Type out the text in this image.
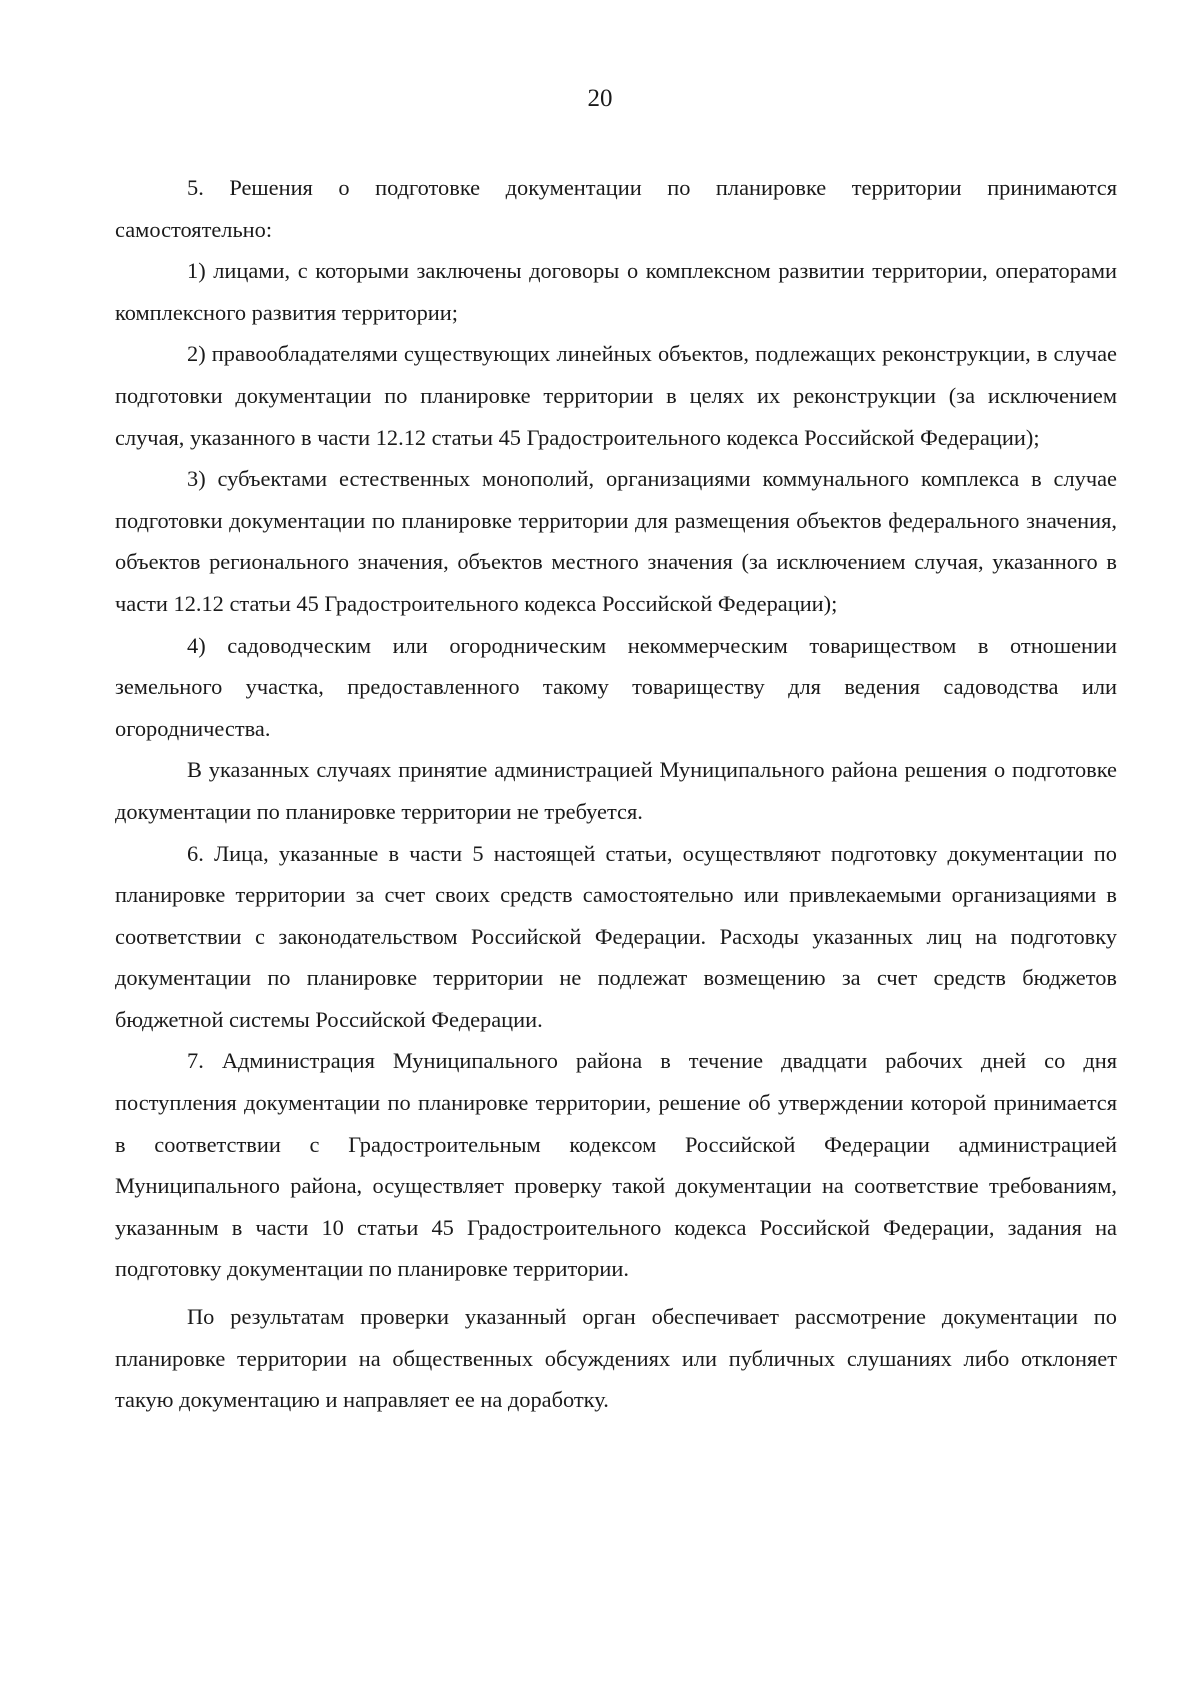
20

5. Решения о подготовке документации по планировке территории принимаются самостоятельно:

1) лицами, с которыми заключены договоры о комплексном развитии территории, операторами комплексного развития территории;

2) правообладателями существующих линейных объектов, подлежащих реконструкции, в случае подготовки документации по планировке территории в целях их реконструкции (за исключением случая, указанного в части 12.12 статьи 45 Градостроительного кодекса Российской Федерации);

3) субъектами естественных монополий, организациями коммунального комплекса в случае подготовки документации по планировке территории для размещения объектов федерального значения, объектов регионального значения, объектов местного значения (за исключением случая, указанного в части 12.12 статьи 45 Градостроительного кодекса Российской Федерации);

4) садоводческим или огородническим некоммерческим товариществом в отношении земельного участка, предоставленного такому товариществу для ведения садоводства или огородничества.

В указанных случаях принятие администрацией Муниципального района решения о подготовке документации по планировке территории не требуется.

6. Лица, указанные в части 5 настоящей статьи, осуществляют подготовку документации по планировке территории за счет своих средств самостоятельно или привлекаемыми организациями в соответствии с законодательством Российской Федерации. Расходы указанных лиц на подготовку документации по планировке территории не подлежат возмещению за счет средств бюджетов бюджетной системы Российской Федерации.

7. Администрация Муниципального района в течение двадцати рабочих дней со дня поступления документации по планировке территории, решение об утверждении которой принимается в соответствии с Градостроительным кодексом Российской Федерации администрацией Муниципального района, осуществляет проверку такой документации на соответствие требованиям, указанным в части 10 статьи 45 Градостроительного кодекса Российской Федерации, задания на подготовку документации по планировке территории.

По результатам проверки указанный орган обеспечивает рассмотрение документации по планировке территории на общественных обсуждениях или публичных слушаниях либо отклоняет такую документацию и направляет ее на доработку.
